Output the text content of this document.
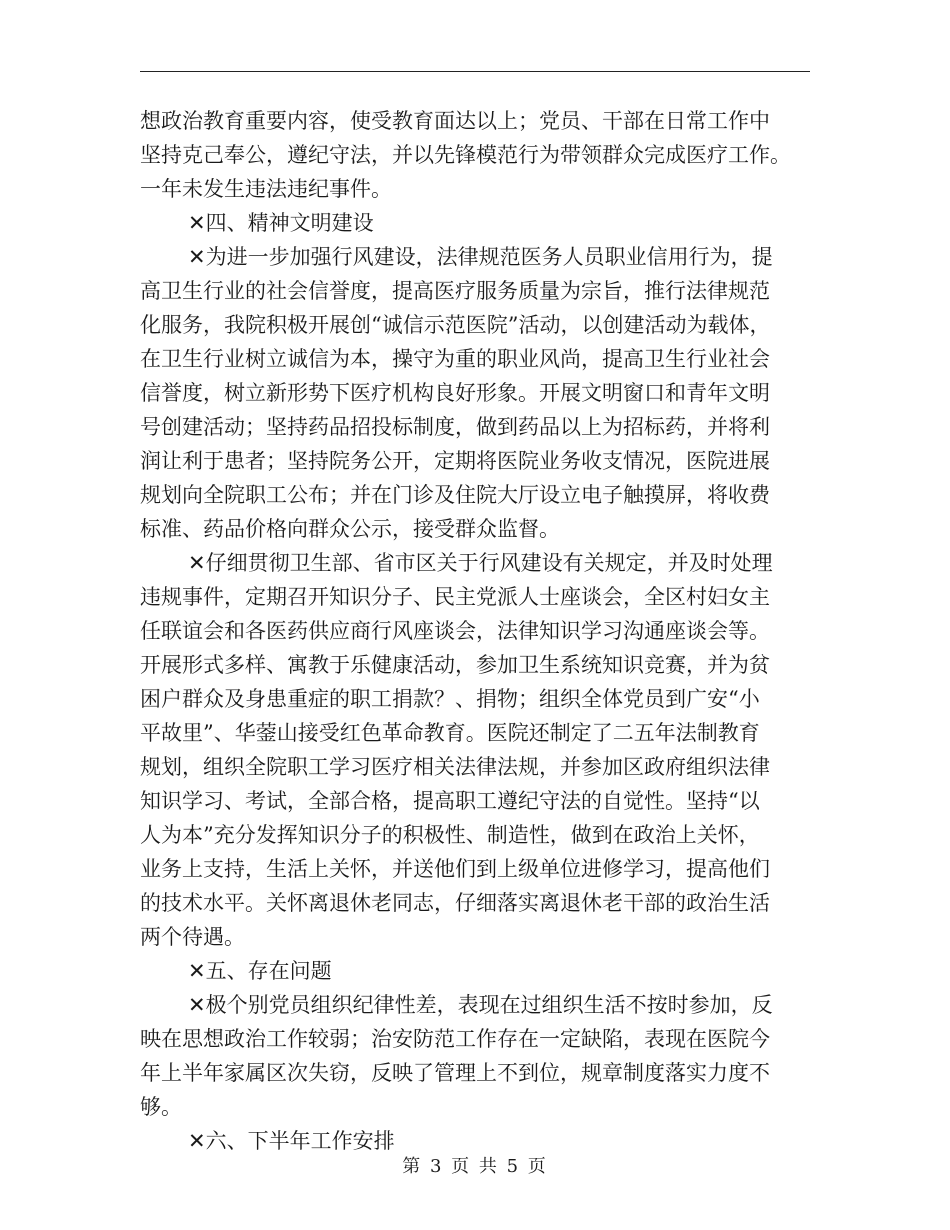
想政治教育重要内容，使受教育面达以上；党员、干部在日常工作中
坚持克己奉公，遵纪守法，并以先锋模范行为带领群众完成医疗工作。
一年未发生违法违纪事件。
✕四、精神文明建设
✕为进一步加强行风建设，法律规范医务人员职业信用行为，提
高卫生行业的社会信誉度，提高医疗服务质量为宗旨，推行法律规范
化服务，我院积极开展创“诚信示范医院”活动，以创建活动为载体，
在卫生行业树立诚信为本，操守为重的职业风尚，提高卫生行业社会
信誉度，树立新形势下医疗机构良好形象。开展文明窗口和青年文明
号创建活动；坚持药品招投标制度，做到药品以上为招标药，并将利
润让利于患者；坚持院务公开，定期将医院业务收支情况，医院进展
规划向全院职工公布；并在门诊及住院大厅设立电子触摸屏，将收费
标准、药品价格向群众公示，接受群众监督。
✕仔细贯彻卫生部、省市区关于行风建设有关规定，并及时处理
违规事件，定期召开知识分子、民主党派人士座谈会，全区村妇女主
任联谊会和各医药供应商行风座谈会，法律知识学习沟通座谈会等。
开展形式多样、寓教于乐健康活动，参加卫生系统知识竞赛，并为贫
困户群众及身患重症的职工捐款？、捐物；组织全体党员到广安“小
平故里”、华蓥山接受红色革命教育。医院还制定了二五年法制教育
规划，组织全院职工学习医疗相关法律法规，并参加区政府组织法律
知识学习、考试，全部合格，提高职工遵纪守法的自觉性。坚持“以
人为本”充分发挥知识分子的积极性、制造性，做到在政治上关怀，
业务上支持，生活上关怀，并送他们到上级单位进修学习，提高他们
的技术水平。关怀离退休老同志，仔细落实离退休老干部的政治生活
两个待遇。
✕五、存在问题
✕极个别党员组织纪律性差，表现在过组织生活不按时参加，反
映在思想政治工作较弱；治安防范工作存在一定缺陷，表现在医院今
年上半年家属区次失窃，反映了管理上不到位，规章制度落实力度不
够。
✕六、下半年工作安排
第 3 页 共 5 页
